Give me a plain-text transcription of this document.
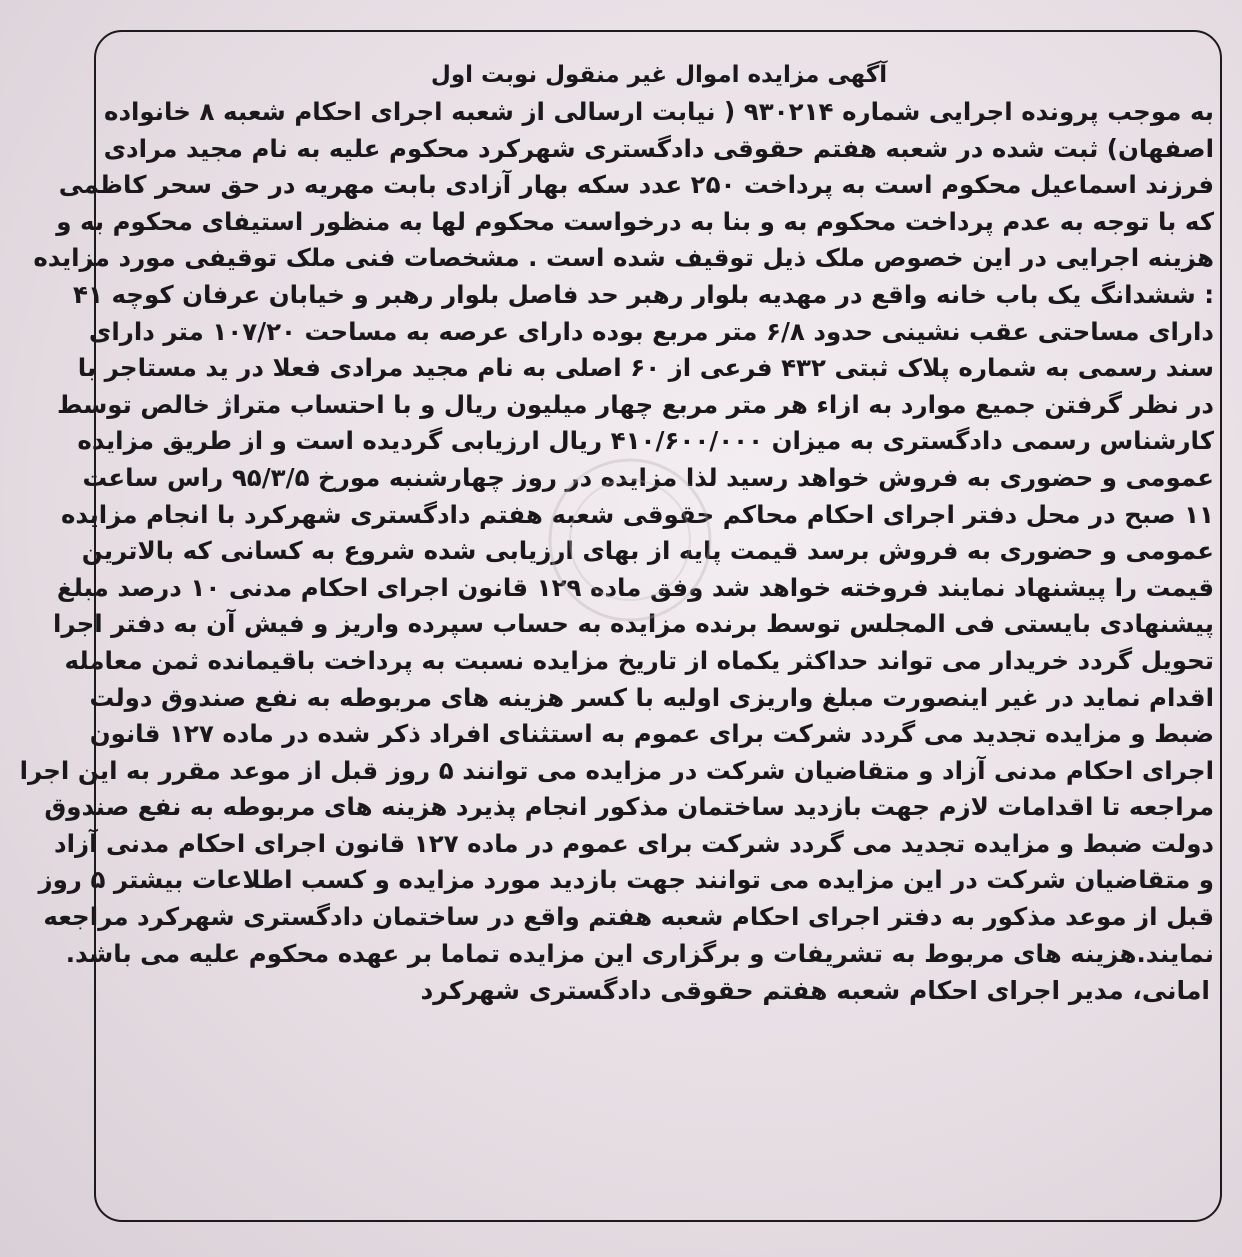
آگهی مزایده اموال غیر منقول نوبت اول
به موجب پرونده اجرایی شماره ۹۳۰۲۱۴ ( نیابت ارسالی از شعبه اجرای احکام شعبه ۸ خانواده
اصفهان) ثبت شده در شعبه هفتم حقوقی دادگستری شهرکرد محکوم علیه به نام مجید مرادی
فرزند اسماعیل محکوم است به پرداخت ۲۵۰ عدد سکه بهار آزادی بابت مهریه در حق سحر کاظمی
که با توجه به عدم پرداخت محکوم به و بنا به درخواست محکوم لها به منظور استیفای محکوم به و
هزینه اجرایی در این خصوص ملک ذیل توقیف شده است . مشخصات فنی ملک توقیفی مورد مزایده
: ششدانگ یک باب خانه واقع در مهدیه بلوار رهبر حد فاصل بلوار رهبر و خیابان عرفان کوچه ۴۱
دارای مساحتی عقب نشینی حدود ۶/۸ متر مربع بوده دارای عرصه به مساحت ۱۰۷/۲۰ متر دارای
سند رسمی به شماره پلاک ثبتی ۴۳۲ فرعی از ۶۰ اصلی به نام مجید مرادی فعلا در ید مستاجر با
در نظر گرفتن جمیع موارد به ازاء هر متر مربع چهار میلیون ریال و با احتساب متراژ خالص توسط
کارشناس رسمی دادگستری به میزان ۴۱۰/۶۰۰/۰۰۰ ریال ارزیابی گردیده است و از طریق مزایده
عمومی و حضوری به فروش خواهد رسید لذا مزایده در روز چهارشنبه مورخ ۹۵/۳/۵ راس ساعت
۱۱ صبح در محل دفتر اجرای احکام محاکم حقوقی شعبه هفتم دادگستری شهرکرد با انجام مزایده
عمومی و حضوری به فروش برسد قیمت پایه از بهای ارزیابی شده شروع به کسانی که بالاترین
قیمت را پیشنهاد نمایند فروخته خواهد شد وفق ماده ۱۲۹ قانون اجرای احکام مدنی ۱۰ درصد مبلغ
پیشنهادی بایستی فی المجلس توسط برنده مزایده به حساب سپرده واریز و فیش آن به دفتر اجرا
تحویل گردد خریدار می تواند حداکثر یکماه از تاریخ مزایده نسبت به پرداخت باقیمانده ثمن معامله
اقدام نماید در غیر اینصورت مبلغ واریزی اولیه با کسر هزینه های مربوطه به نفع صندوق دولت
ضبط و مزایده تجدید می گردد شرکت برای عموم به استثنای افراد ذکر شده در ماده ۱۲۷ قانون
اجرای احکام مدنی آزاد و متقاضیان شرکت در مزایده می توانند ۵ روز قبل از موعد مقرر به این اجرا
مراجعه تا اقدامات لازم جهت بازدید ساختمان مذکور انجام پذیرد هزینه های مربوطه به نفع صندوق
دولت ضبط و مزایده تجدید می گردد شرکت برای عموم در ماده ۱۲۷ قانون اجرای احکام مدنی آزاد
و متقاضیان شرکت در این مزایده می توانند جهت بازدید مورد مزایده و کسب اطلاعات بیشتر ۵ روز
قبل از موعد مذکور به دفتر اجرای احکام شعبه هفتم واقع در ساختمان دادگستری شهرکرد مراجعه
نمایند.هزینه های مربوط به تشریفات و برگزاری این مزایده تماما بر عهده محکوم علیه می باشد.
امانی، مدیر اجرای احکام شعبه هفتم حقوقی دادگستری شهرکرد
